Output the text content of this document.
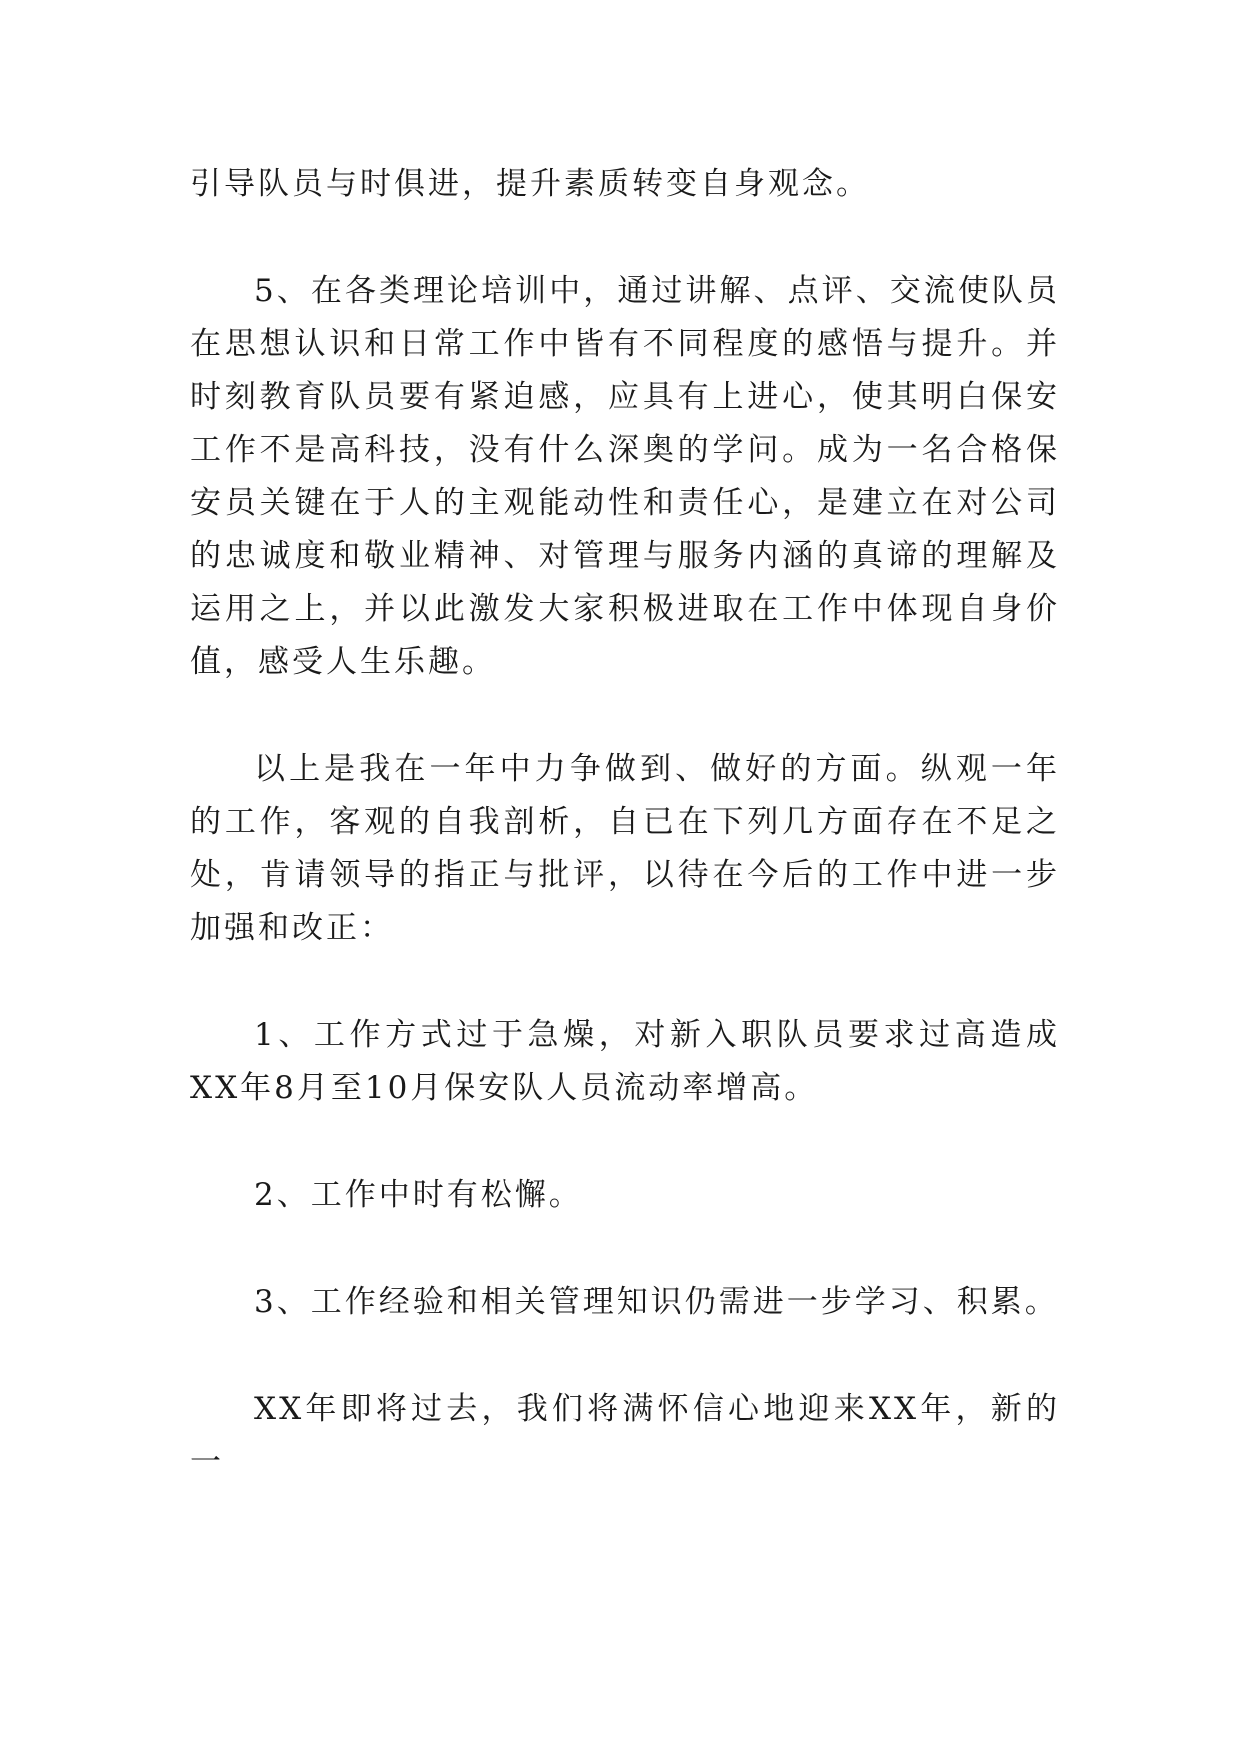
引导队员与时俱进，提升素质转变自身观念。

5、在各类理论培训中，通过讲解、点评、交流使队员在思想认识和日常工作中皆有不同程度的感悟与提升。并时刻教育队员要有紧迫感，应具有上进心，使其明白保安工作不是高科技，没有什么深奥的学问。成为一名合格保安员关键在于人的主观能动性和责任心，是建立在对公司的忠诚度和敬业精神、对管理与服务内涵的真谛的理解及运用之上，并以此激发大家积极进取在工作中体现自身价值，感受人生乐趣。

以上是我在一年中力争做到、做好的方面。纵观一年的工作，客观的自我剖析，自已在下列几方面存在不足之处，肯请领导的指正与批评，以待在今后的工作中进一步加强和改正：

1、工作方式过于急燥，对新入职队员要求过高造成XX年8月至10月保安队人员流动率增高。

2、工作中时有松懈。

3、工作经验和相关管理知识仍需进一步学习、积累。

XX年即将过去，我们将满怀信心地迎来XX年，新的一
